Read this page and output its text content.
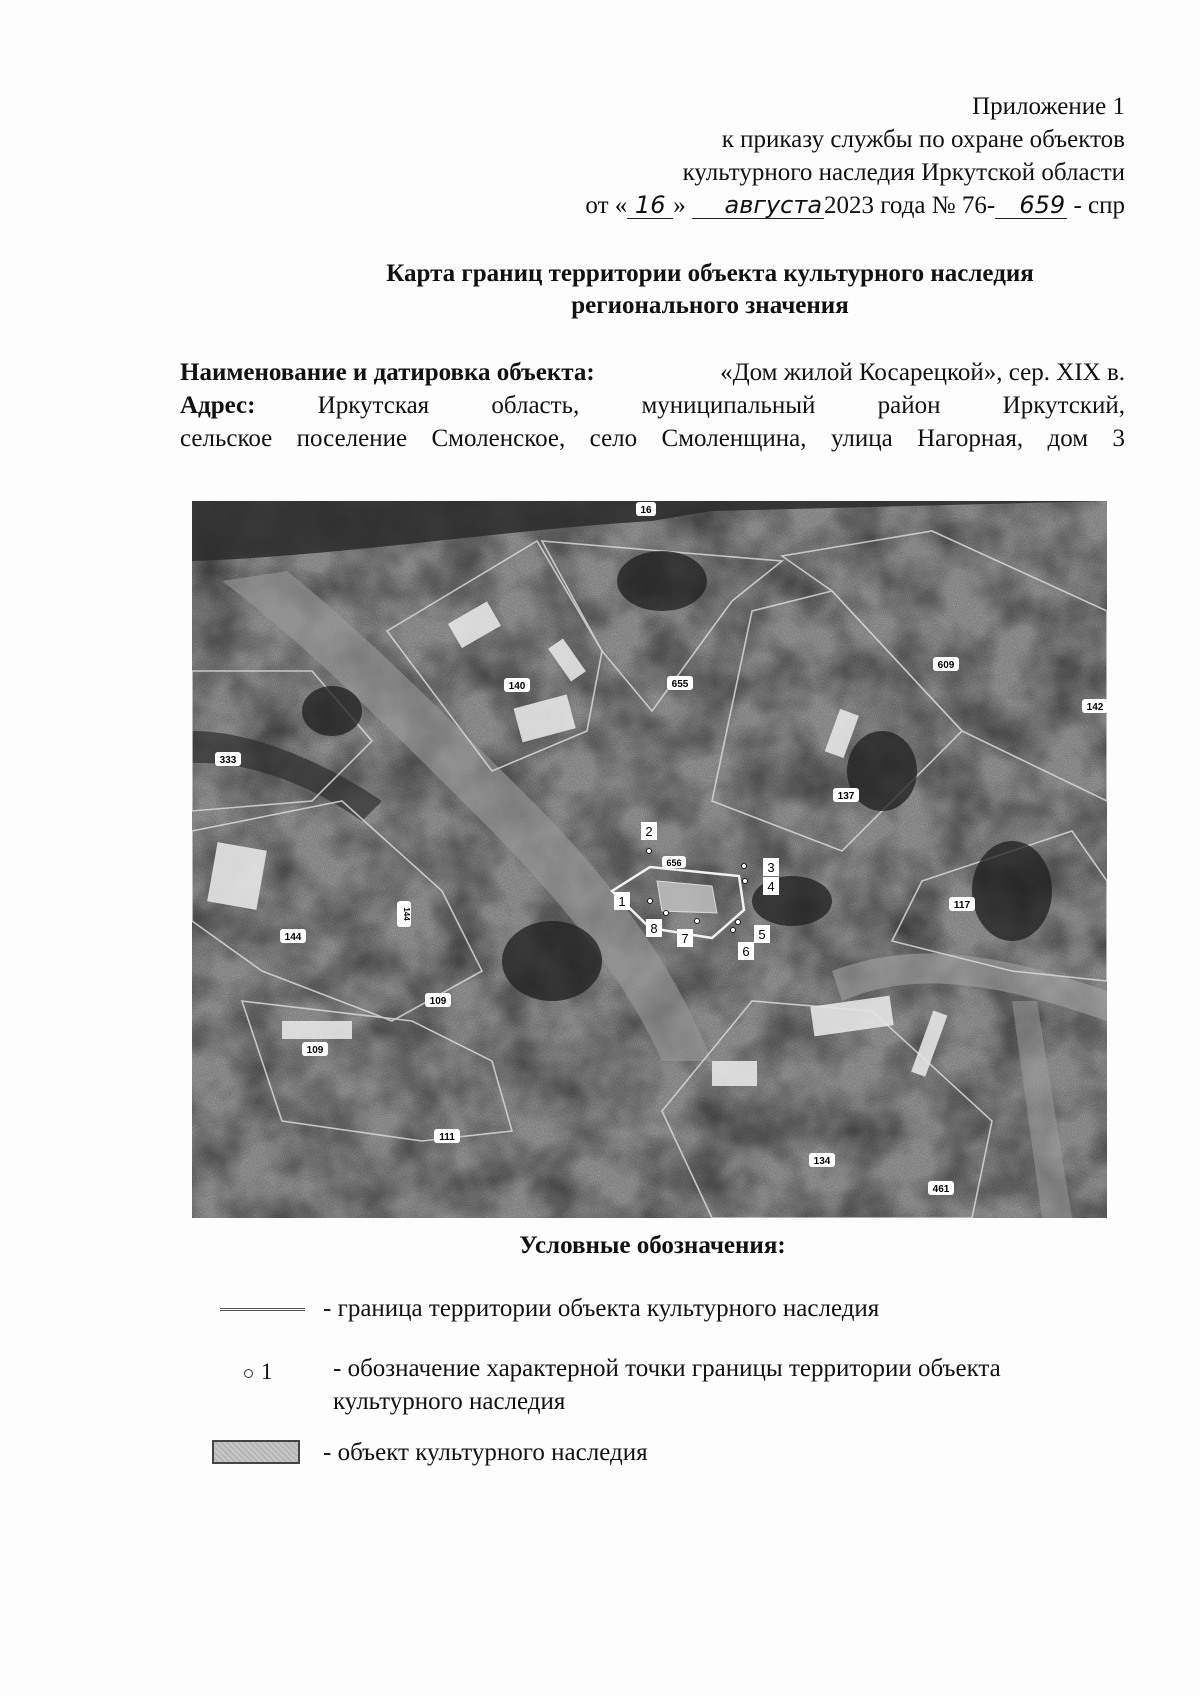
Приложение 1
к приказу службы по охране объектов
культурного наследия Иркутской области
от « 16 » августа2023 года № 76- 659 - спр
Карта границ территории объекта культурного наследия
регионального значения
Наименование и датировка объекта:	«Дом жилой Косарецкой», сер. XIX в.
Адрес: Иркутская область, муниципальный район Иркутский,
сельское поселение Смоленское, село Смоленщина, улица Нагорная, дом 3
16
140	655
609
142
333
137
656
117
144
144
109
109
111
134
461
1
2
3
4
5
6
7
8
Условные обозначения:
- граница территории объекта культурного наследия
1 - обозначение характерной точки границы территории объекта
культурного наследия
- объект культурного наследия
